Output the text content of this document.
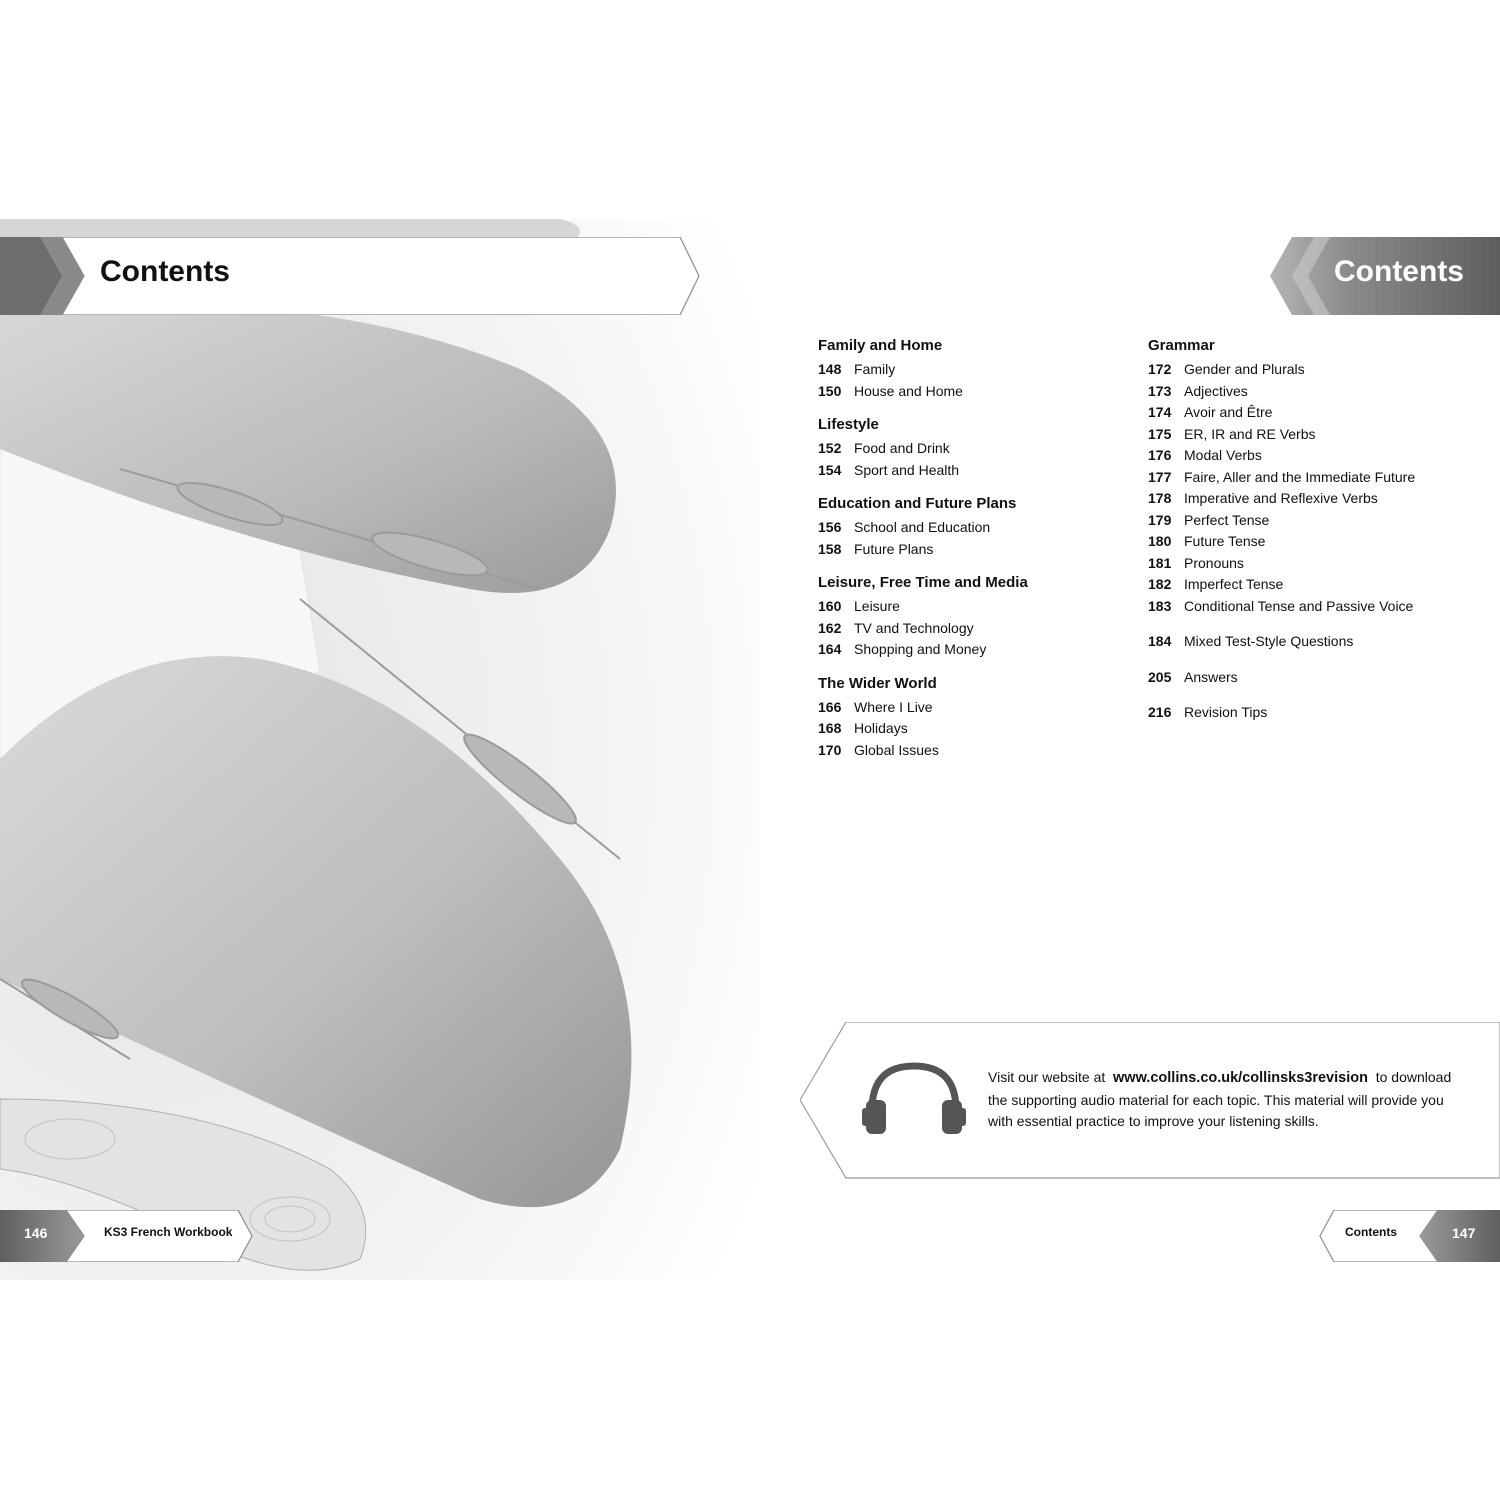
Contents	Contents
Family and Home
148 Family
150 House and Home
Lifestyle
152 Food and Drink
154 Sport and Health
Education and Future Plans
156 School and Education
158 Future Plans
Leisure, Free Time and Media
160 Leisure
162 TV and Technology
164 Shopping and Money
The Wider World
166 Where I Live
168 Holidays
170 Global Issues
Grammar
172 Gender and Plurals
173 Adjectives
174 Avoir and Être
175 ER, IR and RE Verbs
176 Modal Verbs
177 Faire, Aller and the Immediate Future
178 Imperative and Reflexive Verbs
179 Perfect Tense
180 Future Tense
181 Pronouns
182 Imperfect Tense
183 Conditional Tense and Passive Voice
184 Mixed Test-Style Questions
205 Answers
216 Revision Tips
Visit our website at www.collins.co.uk/collinsks3revision to download the supporting audio material for each topic. This material will provide you with essential practice to improve your listening skills.
146	KS3 French Workbook	Contents	147
